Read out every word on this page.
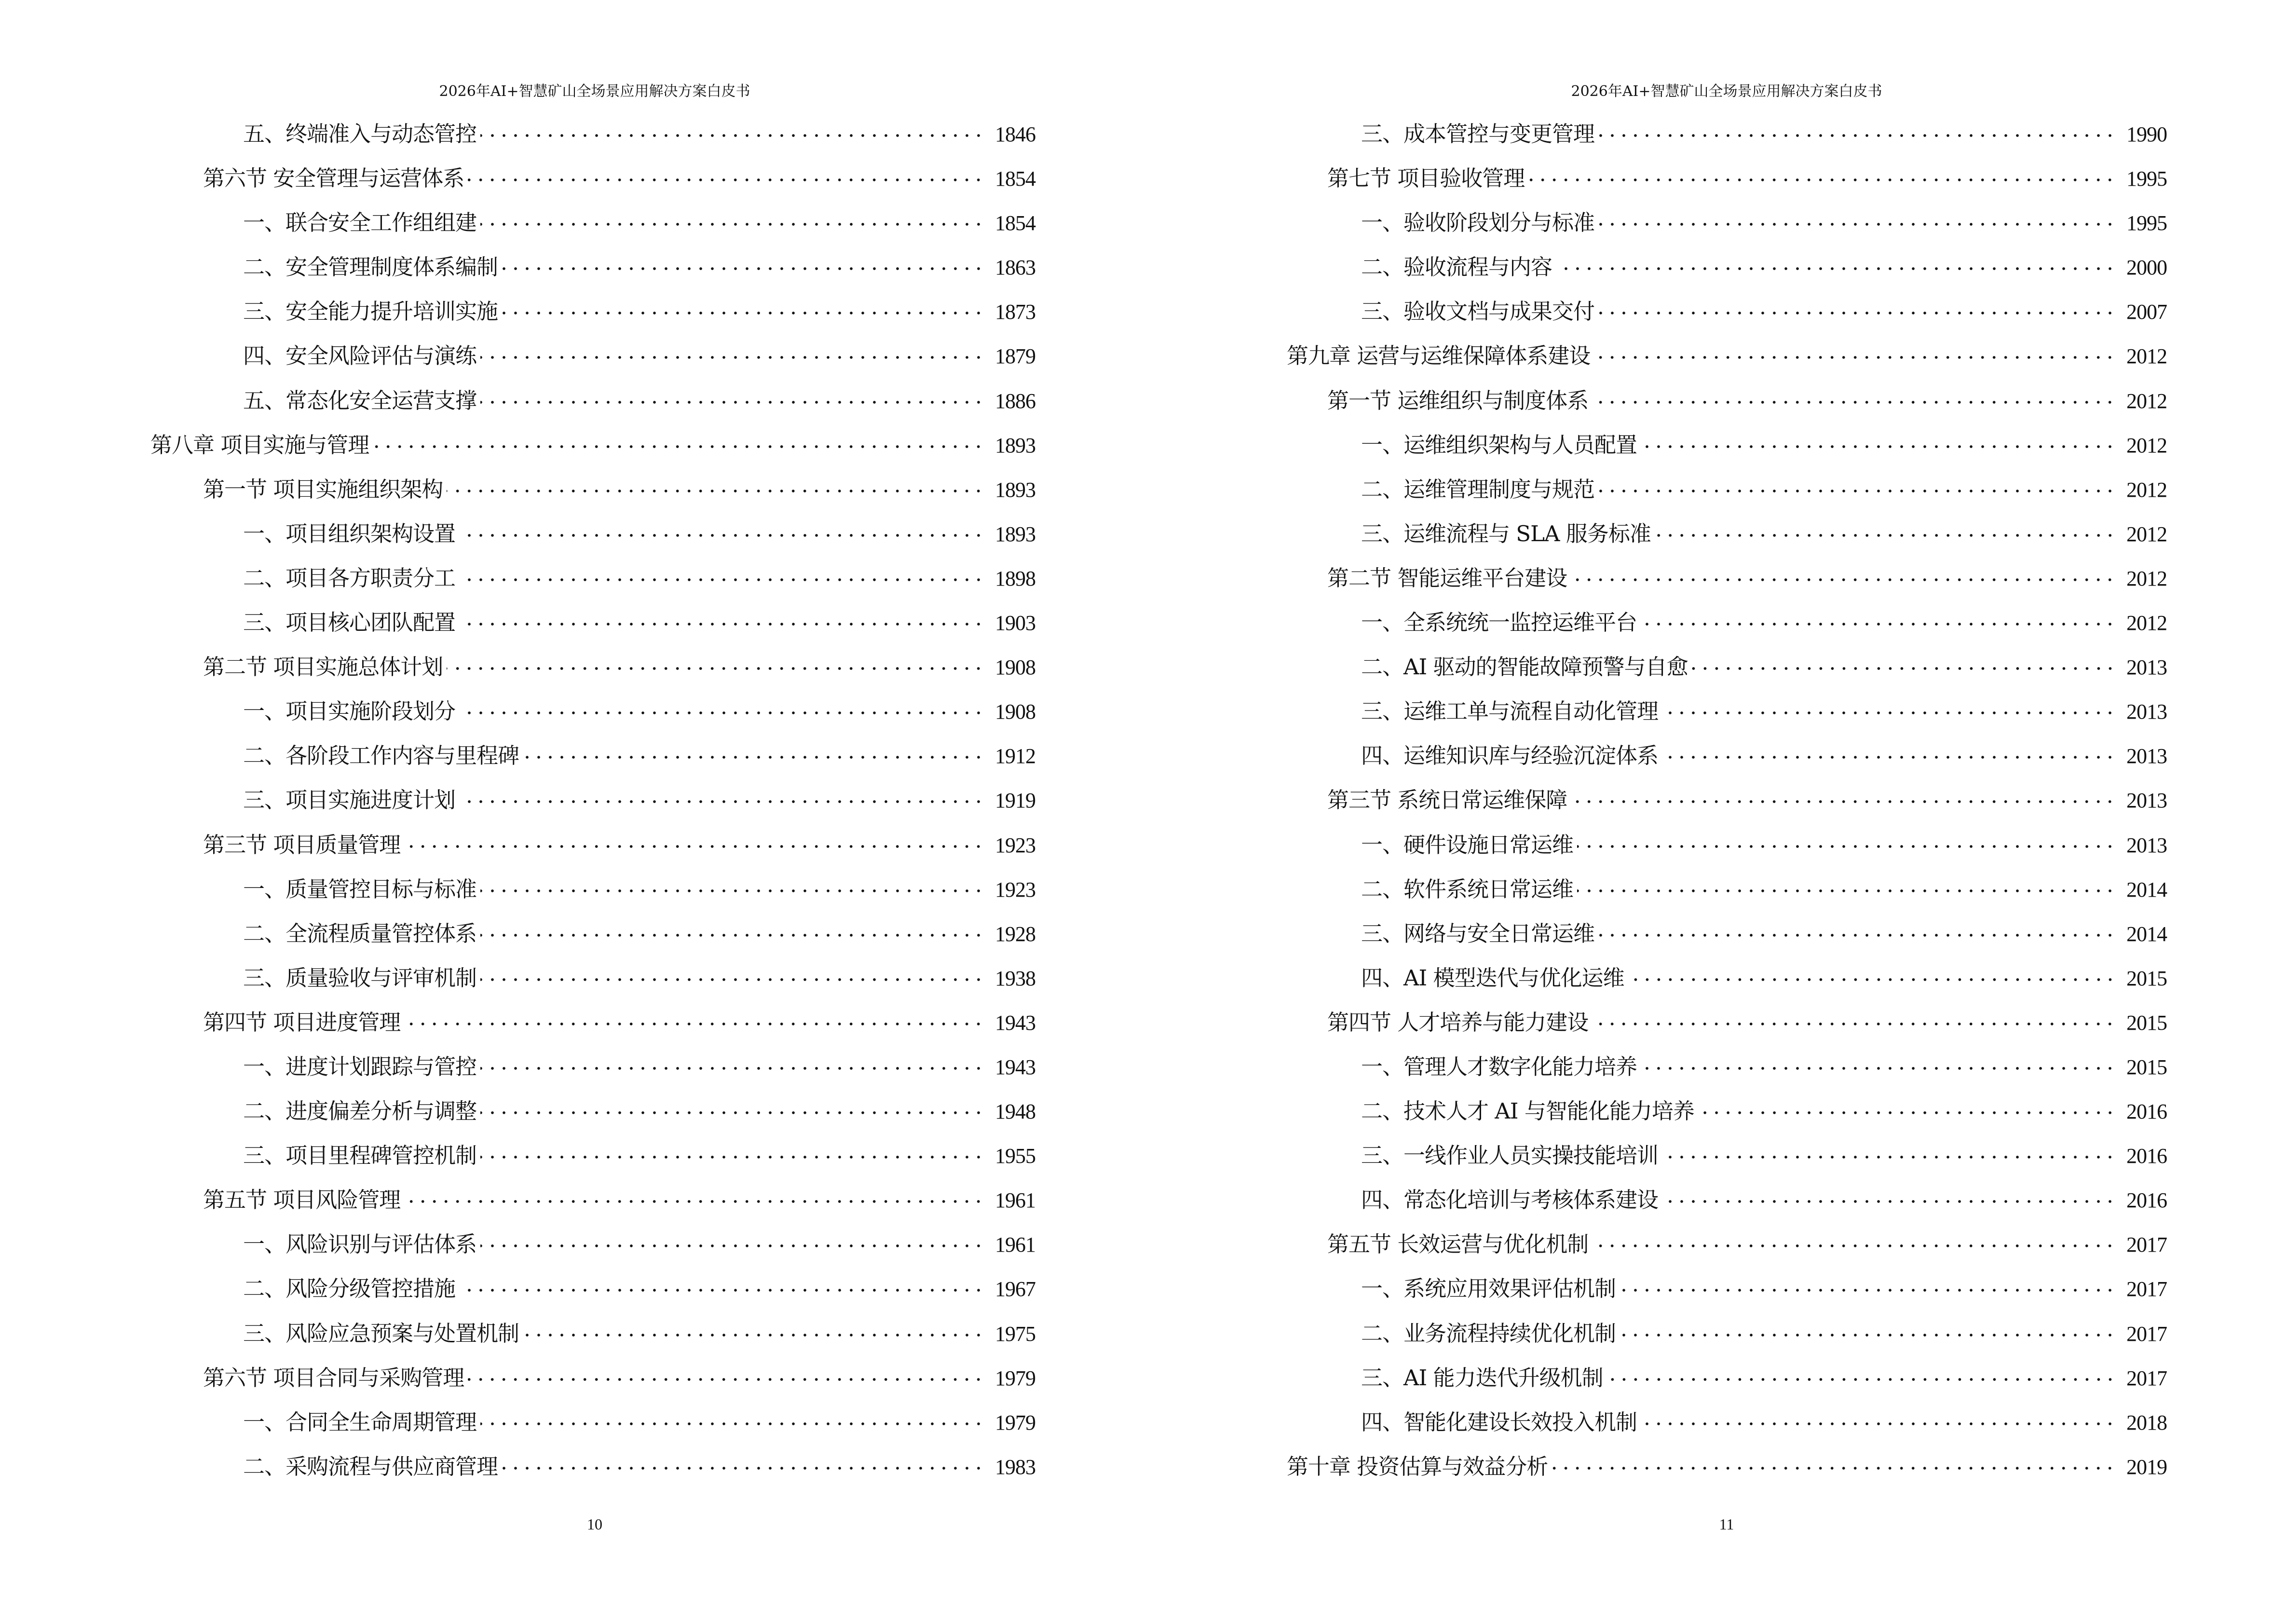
2026年AI+智慧矿山全场景应用解决方案白皮书
五、终端准入与动态管控	1846
第六节 安全管理与运营体系	1854
一、联合安全工作组组建	1854
二、安全管理制度体系编制	1863
三、安全能力提升培训实施	1873
四、安全风险评估与演练	1879
五、常态化安全运营支撑	1886
第八章 项目实施与管理	1893
第一节 项目实施组织架构	1893
一、项目组织架构设置	1893
二、项目各方职责分工	1898
三、项目核心团队配置	1903
第二节 项目实施总体计划	1908
一、项目实施阶段划分	1908
二、各阶段工作内容与里程碑	1912
三、项目实施进度计划	1919
第三节 项目质量管理	1923
一、质量管控目标与标准	1923
二、全流程质量管控体系	1928
三、质量验收与评审机制	1938
第四节 项目进度管理	1943
一、进度计划跟踪与管控	1943
二、进度偏差分析与调整	1948
三、项目里程碑管控机制	1955
第五节 项目风险管理	1961
一、风险识别与评估体系	1961
二、风险分级管控措施	1967
三、风险应急预案与处置机制	1975
第六节 项目合同与采购管理	1979
一、合同全生命周期管理	1979
二、采购流程与供应商管理	1983
10
2026年AI+智慧矿山全场景应用解决方案白皮书
三、成本管控与变更管理	1990
第七节 项目验收管理	1995
一、验收阶段划分与标准	1995
二、验收流程与内容	2000
三、验收文档与成果交付	2007
第九章 运营与运维保障体系建设	2012
第一节 运维组织与制度体系	2012
一、运维组织架构与人员配置	2012
二、运维管理制度与规范	2012
三、运维流程与 SLA 服务标准	2012
第二节 智能运维平台建设	2012
一、全系统统一监控运维平台	2012
二、AI 驱动的智能故障预警与自愈	2013
三、运维工单与流程自动化管理	2013
四、运维知识库与经验沉淀体系	2013
第三节 系统日常运维保障	2013
一、硬件设施日常运维	2013
二、软件系统日常运维	2014
三、网络与安全日常运维	2014
四、AI 模型迭代与优化运维	2015
第四节 人才培养与能力建设	2015
一、管理人才数字化能力培养	2015
二、技术人才 AI 与智能化能力培养	2016
三、一线作业人员实操技能培训	2016
四、常态化培训与考核体系建设	2016
第五节 长效运营与优化机制	2017
一、系统应用效果评估机制	2017
二、业务流程持续优化机制	2017
三、AI 能力迭代升级机制	2017
四、智能化建设长效投入机制	2018
第十章 投资估算与效益分析	2019
11
